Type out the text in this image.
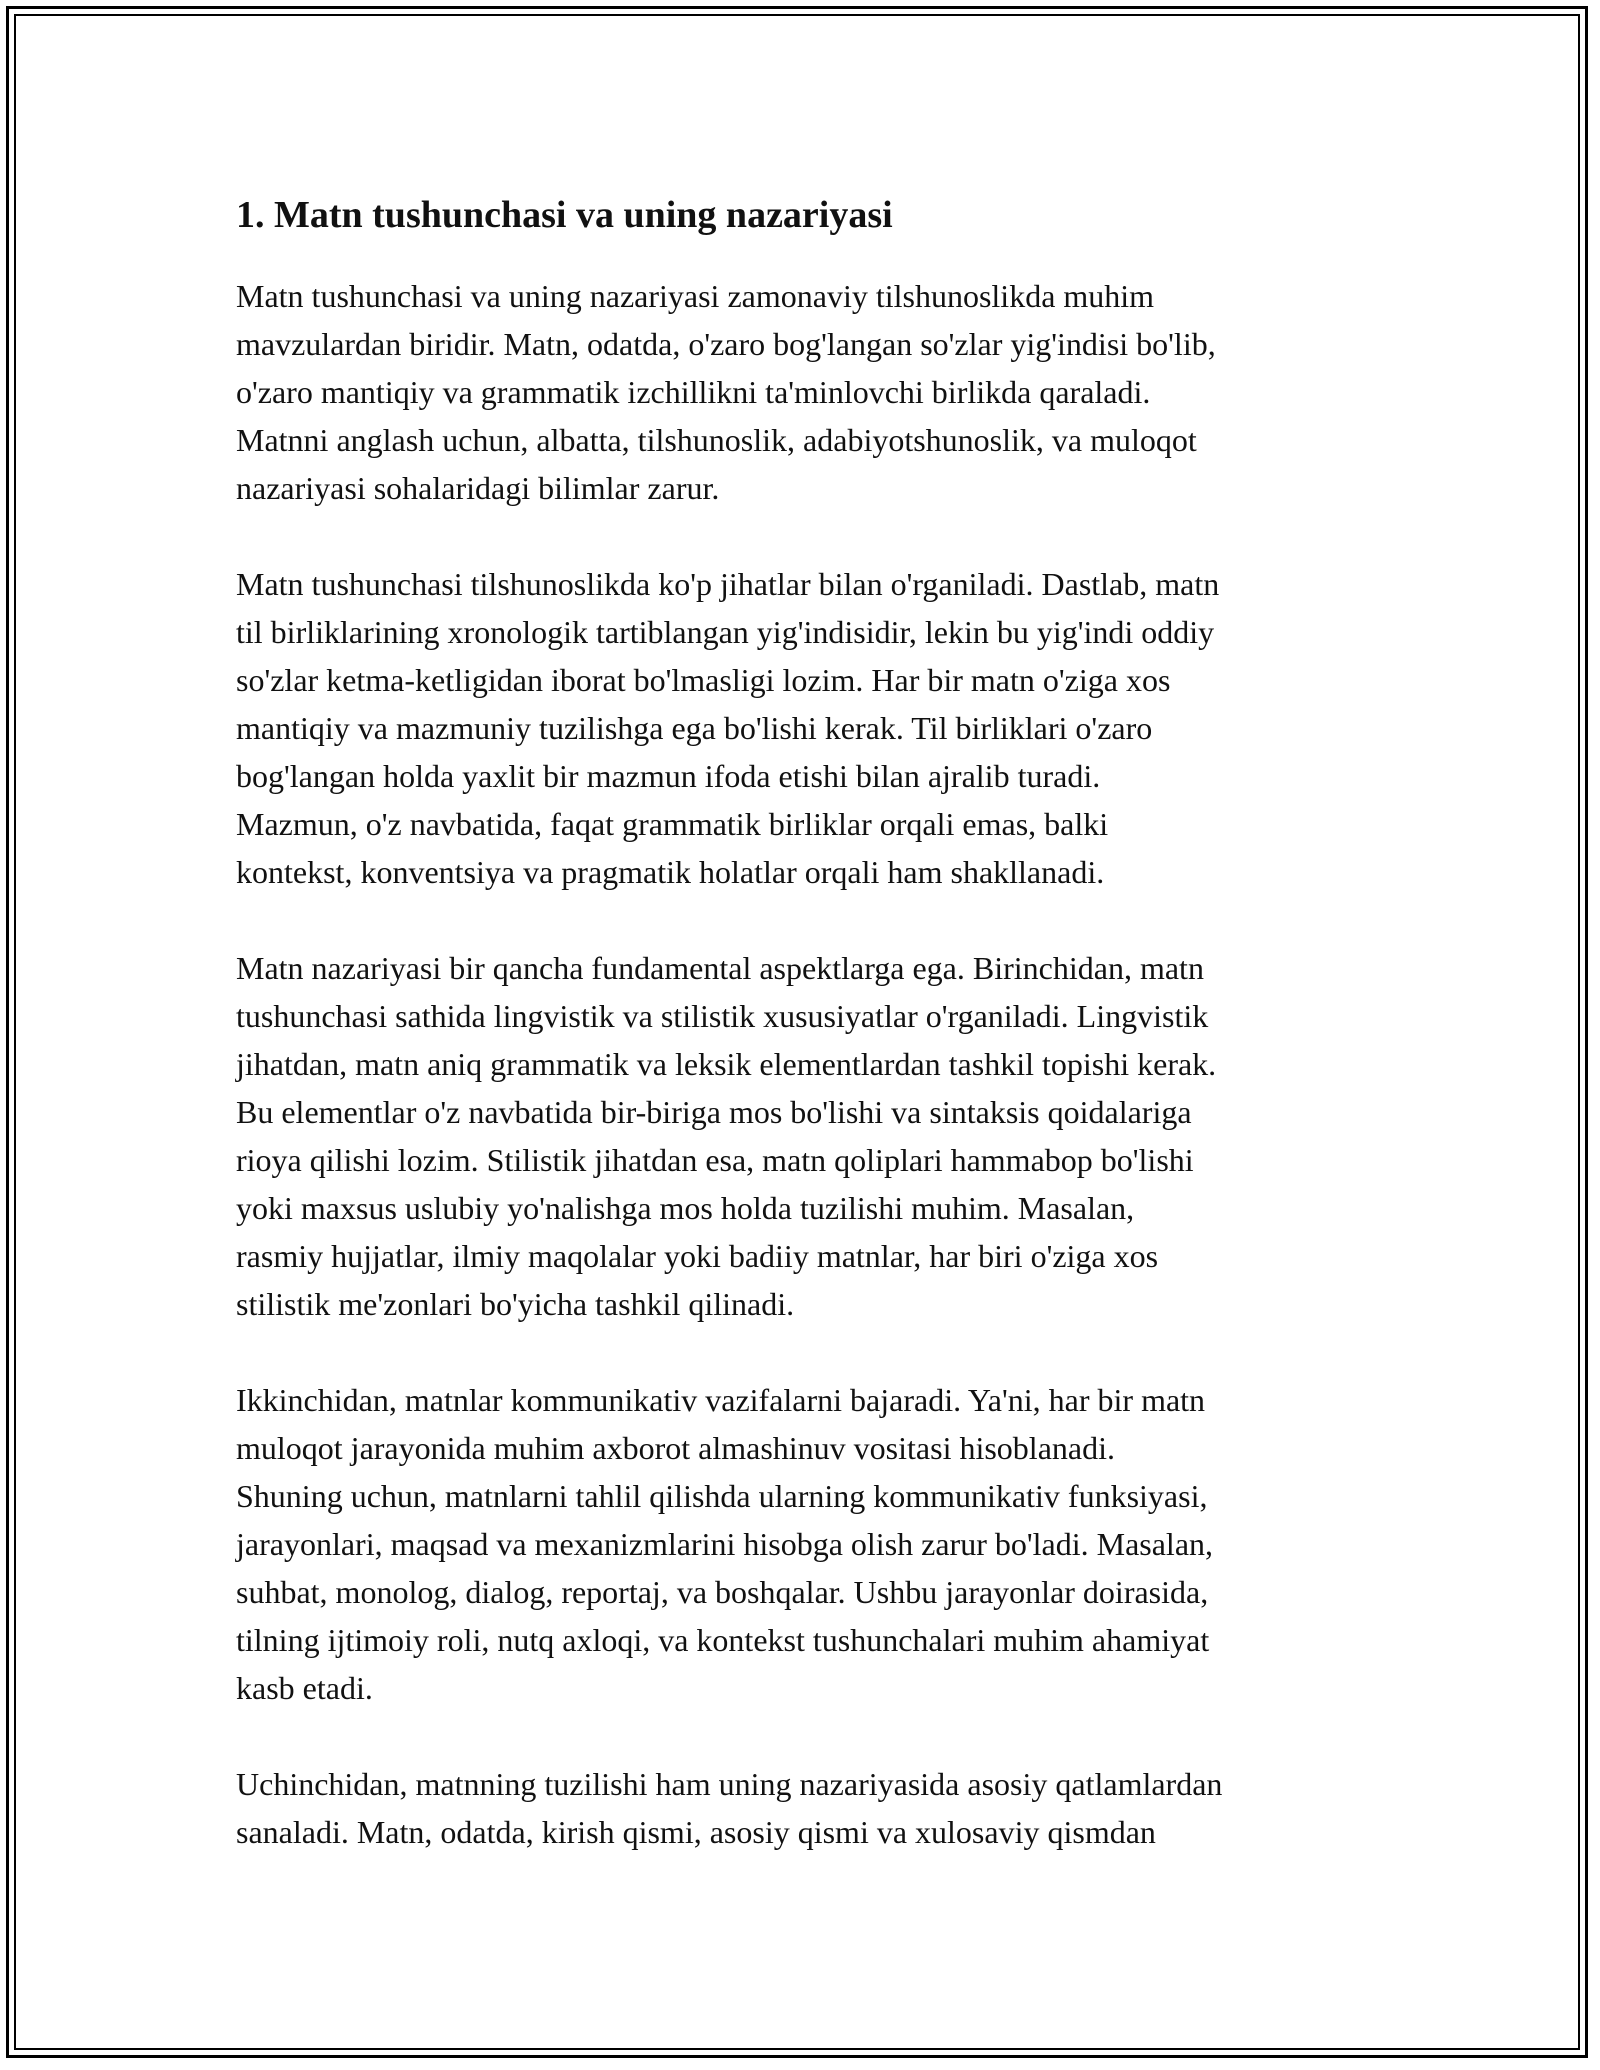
1. Matn tushunchasi va uning nazariyasi

Matn tushunchasi va uning nazariyasi zamonaviy tilshunoslikda muhim
mavzulardan biridir. Matn, odatda, o'zaro bog'langan so'zlar yig'indisi bo'lib,
o'zaro mantiqiy va grammatik izchillikni ta'minlovchi birlikda qaraladi.
Matnni anglash uchun, albatta, tilshunoslik, adabiyotshunoslik, va muloqot
nazariyasi sohalaridagi bilimlar zarur.

Matn tushunchasi tilshunoslikda ko'p jihatlar bilan o'rganiladi. Dastlab, matn
til birliklarining xronologik tartiblangan yig'indisidir, lekin bu yig'indi oddiy
so'zlar ketma-ketligidan iborat bo'lmasligi lozim. Har bir matn o'ziga xos
mantiqiy va mazmuniy tuzilishga ega bo'lishi kerak. Til birliklari o'zaro
bog'langan holda yaxlit bir mazmun ifoda etishi bilan ajralib turadi.
Mazmun, o'z navbatida, faqat grammatik birliklar orqali emas, balki
kontekst, konventsiya va pragmatik holatlar orqali ham shakllanadi.

Matn nazariyasi bir qancha fundamental aspektlarga ega. Birinchidan, matn
tushunchasi sathida lingvistik va stilistik xususiyatlar o'rganiladi. Lingvistik
jihatdan, matn aniq grammatik va leksik elementlardan tashkil topishi kerak.
Bu elementlar o'z navbatida bir-biriga mos bo'lishi va sintaksis qoidalariga
rioya qilishi lozim. Stilistik jihatdan esa, matn qoliplari hammabop bo'lishi
yoki maxsus uslubiy yo'nalishga mos holda tuzilishi muhim. Masalan,
rasmiy hujjatlar, ilmiy maqolalar yoki badiiy matnlar, har biri o'ziga xos
stilistik me'zonlari bo'yicha tashkil qilinadi.

Ikkinchidan, matnlar kommunikativ vazifalarni bajaradi. Ya'ni, har bir matn
muloqot jarayonida muhim axborot almashinuv vositasi hisoblanadi.
Shuning uchun, matnlarni tahlil qilishda ularning kommunikativ funksiyasi,
jarayonlari, maqsad va mexanizmlarini hisobga olish zarur bo'ladi. Masalan,
suhbat, monolog, dialog, reportaj, va boshqalar. Ushbu jarayonlar doirasida,
tilning ijtimoiy roli, nutq axloqi, va kontekst tushunchalari muhim ahamiyat
kasb etadi.

Uchinchidan, matnning tuzilishi ham uning nazariyasida asosiy qatlamlardan
sanaladi. Matn, odatda, kirish qismi, asosiy qismi va xulosaviy qismdan
